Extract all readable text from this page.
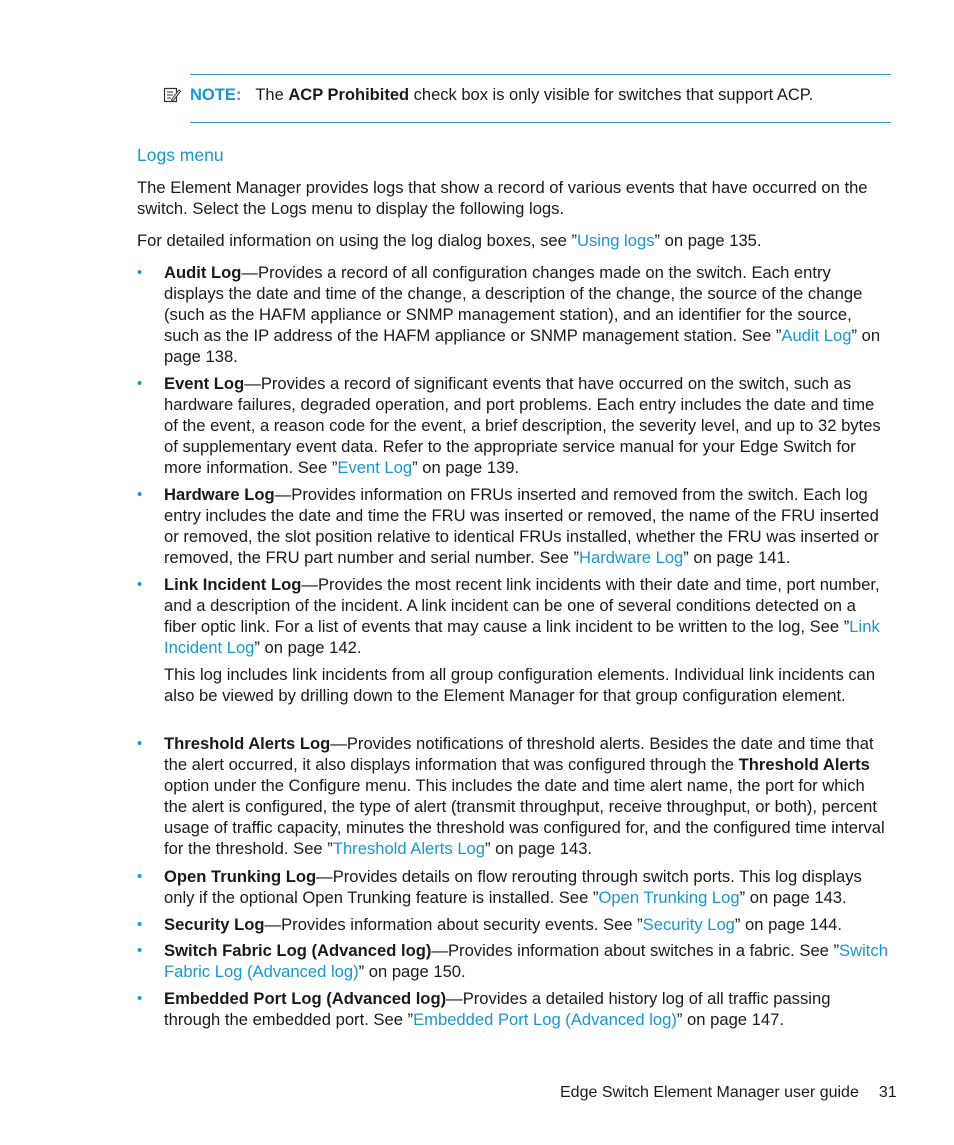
NOTE: The ACP Prohibited check box is only visible for switches that support ACP.
Logs menu
The Element Manager provides logs that show a record of various events that have occurred on the switch. Select the Logs menu to display the following logs.
For detailed information on using the log dialog boxes, see ”Using logs” on page 135.
• Audit Log—Provides a record of all configuration changes made on the switch. Each entry displays the date and time of the change, a description of the change, the source of the change (such as the HAFM appliance or SNMP management station), and an identifier for the source, such as the IP address of the HAFM appliance or SNMP management station. See ”Audit Log” on page 138.
• Event Log—Provides a record of significant events that have occurred on the switch, such as hardware failures, degraded operation, and port problems. Each entry includes the date and time of the event, a reason code for the event, a brief description, the severity level, and up to 32 bytes of supplementary event data. Refer to the appropriate service manual for your Edge Switch for more information. See ”Event Log” on page 139.
• Hardware Log—Provides information on FRUs inserted and removed from the switch. Each log entry includes the date and time the FRU was inserted or removed, the name of the FRU inserted or removed, the slot position relative to identical FRUs installed, whether the FRU was inserted or removed, the FRU part number and serial number. See ”Hardware Log” on page 141.
• Link Incident Log—Provides the most recent link incidents with their date and time, port number, and a description of the incident. A link incident can be one of several conditions detected on a fiber optic link. For a list of events that may cause a link incident to be written to the log, See ”Link Incident Log” on page 142.
This log includes link incidents from all group configuration elements. Individual link incidents can also be viewed by drilling down to the Element Manager for that group configuration element.
• Threshold Alerts Log—Provides notifications of threshold alerts. Besides the date and time that the alert occurred, it also displays information that was configured through the Threshold Alerts option under the Configure menu. This includes the date and time alert name, the port for which the alert is configured, the type of alert (transmit throughput, receive throughput, or both), percent usage of traffic capacity, minutes the threshold was configured for, and the configured time interval for the threshold. See ”Threshold Alerts Log” on page 143.
• Open Trunking Log—Provides details on flow rerouting through switch ports. This log displays only if the optional Open Trunking feature is installed. See ”Open Trunking Log” on page 143.
• Security Log—Provides information about security events. See ”Security Log” on page 144.
• Switch Fabric Log (Advanced log)—Provides information about switches in a fabric. See ”Switch Fabric Log (Advanced log)” on page 150.
• Embedded Port Log (Advanced log)—Provides a detailed history log of all traffic passing through the embedded port. See ”Embedded Port Log (Advanced log)” on page 147.
Edge Switch Element Manager user guide 31
